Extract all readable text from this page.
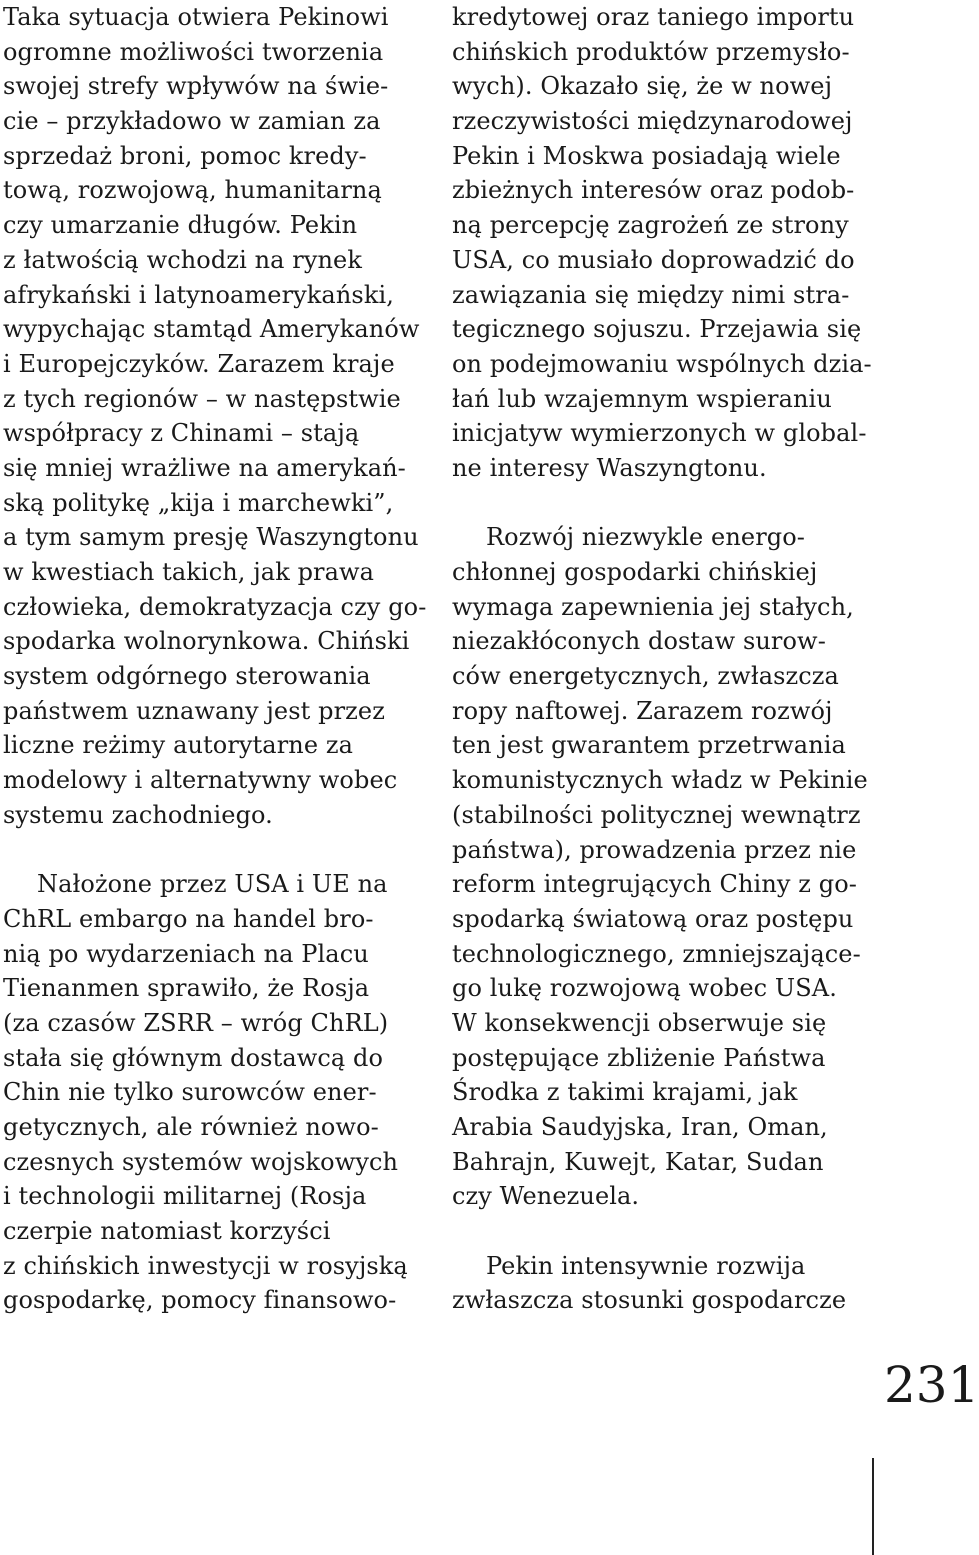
Taka sytuacja otwiera Pekinowi
ogromne możliwości tworzenia
swojej strefy wpływów na świe-
cie – przykładowo w zamian za
sprzedaż broni, pomoc kredy-
tową, rozwojową, humanitarną
czy umarzanie długów. Pekin
z łatwością wchodzi na rynek
afrykański i latynoamerykański,
wypychając stamtąd Amerykanów
i Europejczyków. Zarazem kraje
z tych regionów – w następstwie
współpracy z Chinami – stają
się mniej wrażliwe na amerykań-
ską politykę „kija i marchewki”,
a tym samym presję Waszyngtonu
w kwestiach takich, jak prawa
człowieka, demokratyzacja czy go-
spodarka wolnorynkowa. Chiński
system odgórnego sterowania
państwem uznawany jest przez
liczne reżimy autorytarne za
modelowy i alternatywny wobec
systemu zachodniego.
Nałożone przez USA i UE na
ChRL embargo na handel bro-
nią po wydarzeniach na Placu
Tienanmen sprawiło, że Rosja
(za czasów ZSRR – wróg ChRL)
stała się głównym dostawcą do
Chin nie tylko surowców ener-
getycznych, ale również nowo-
czesnych systemów wojskowych
i technologii militarnej (Rosja
czerpie natomiast korzyści
z chińskich inwestycji w rosyjską
gospodarkę, pomocy finansowo-
kredytowej oraz taniego importu
chińskich produktów przemysło-
wych). Okazało się, że w nowej
rzeczywistości międzynarodowej
Pekin i Moskwa posiadają wiele
zbieżnych interesów oraz podob-
ną percepcję zagrożeń ze strony
USA, co musiało doprowadzić do
zawiązania się między nimi stra-
tegicznego sojuszu. Przejawia się
on podejmowaniu wspólnych dzia-
łań lub wzajemnym wspieraniu
inicjatyw wymierzonych w global-
ne interesy Waszyngtonu.
Rozwój niezwykle energo-
chłonnej gospodarki chińskiej
wymaga zapewnienia jej stałych,
niezakłóconych dostaw surow-
ców energetycznych, zwłaszcza
ropy naftowej. Zarazem rozwój
ten jest gwarantem przetrwania
komunistycznych władz w Pekinie
(stabilności politycznej wewnątrz
państwa), prowadzenia przez nie
reform integrujących Chiny z go-
spodarką światową oraz postępu
technologicznego, zmniejszające-
go lukę rozwojową wobec USA.
W konsekwencji obserwuje się
postępujące zbliżenie Państwa
Środka z takimi krajami, jak
Arabia Saudyjska, Iran, Oman,
Bahrajn, Kuwejt, Katar, Sudan
czy Wenezuela.
Pekin intensywnie rozwija
zwłaszcza stosunki gospodarcze
231
